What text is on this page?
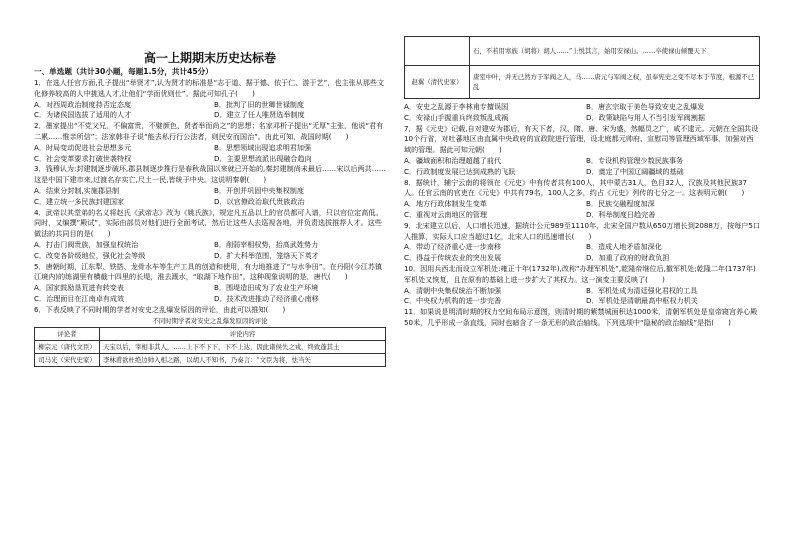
高一上期期末历史达标卷
一、单选题（共计30小题，每题1.5分，共计45分）

1．在选人任官方面,孔子提出“举贤才”,认为贤才的标准是“志于道、据于德、依于仁、游于艺”，也主张从那些文化修养较高的人中挑选人才,让他们“学而优则仕”。据此可知孔子(　　)

A．对西周政治制度持否定态度	B．批判了旧的世卿世禄制度
C．为诸侯国选拔了适用的人才	D．建立了任人唯贤选举制度

2．墨家提出“不党父兄，不偏富贵，不嬖颜色，贤者举而尚之”的思想；名家邓析子提出“无厚”主张，他说“君有二累……惟亲所信”；法家韩非子说“能去私行行公法者，则民安而国治”。由此可知，战国时期(　　)

A．时局变动促进社会思想多元	B．思想领域出现追求明君加强
C．社会变革要求打破世袭特权	D．主要思想流派出现融合趋向

3．钱穆认为:封建制逐步破坏,郡县制逐步推行是春秋战国以来就已开始的,秦封建制尚未最后……宋以后两共……这是中国下建市来,过渡名存实亡,尺土一民,皆统于中央。这说明秦朝(　　)

A．结束分封制,实施郡县制	B．开创并巩固中央集权制度
C．建立统一多民族封建国家	D．以官僚政治取代贵族政治

4．武帝以其堂弟的名义将赵氏《武帝志》改为《姚氏族》，规定凡五品以上的官员都可入谱，只以官位定高低。同时，又编撰“殿试”，实际由部员对他们进行全面考试，然后让这些人去巡视各地，并负责选拔推荐人才。这些做法的共同目的是(　　)

A．打击门阀贵族，加强皇权统治	B．削弱宰相权势，抬高武姓势力
C．改变各阶级地位，强化社会等级	D．扩大科举范围，笼络天下英才

5．唐朝时期，江东犁、铁搭、龙骨水车等生产工具的创造和使用，有力地推进了“与水争田”。在丹阳(今江苏镇江境内)的练湖里有横截十四里的长堤，淮去溉水，“取湖下地作田”。这种现象说明的是，唐代(　　)

A．国家鼓励垦荒进有转变表	B．围堤造田成为了农业生产环境
C．治理面目在江南卓有成效	D．技术改进推动了经济重心南移

6．下表反映了不同时期的学者对安史之乱爆发原因的评论，由此可以推知(　　)

不同时期学者对安史之乱爆发原因的评论
评论者	评论内容
柳宗元（唐代文臣）	天宝以后，宰相非其人，……上下不下下，下不上达，因此诸侯失之戎，终致蓬其土
司马光（宋代史家）	李林甫欲杜绝边帅入相之路，以胡人不知书，乃奏言：“文臣为将，怯当矢
	石，不若用寒族（胡将）胡人……”上悦其言，始用安禄山。……卒使禄山倾覆天下
赵翼（清代史家）	唐室中叶，并无已然方于军阀之人，马……唐元与军阀之权，虽奉宪史之变不尽本于节度，根源不已乱
A．安史之乱源于李林甫专擅误国	B．唐玄宗取于美色导致安史之乱爆发
C．安禄山手握重兵终致叛乱成祸	D．政策缺陷与用人不当引发军阀割据

7．据《元史》记载,自对建安为郡后，有天下者，汉、隋、唐、宋为盛，然幅员之广，咸不逮元。元朝在全国共设10个行省，对吐蕃地区由直属中央政府的宣政院进行管理，设北庭都元帅府、宣慰司等管理西域军事，加强对西域的管理。据此可知元朝(　　)

A．疆域面积和治理超越了前代	B．专设机构管理少数民族事务
C．行政制度发展已达到成熟的飞跃	D．奠定了中国辽阔疆域的基础

8．据统计，辅宁云南的将领在《元史》中有传者共有100人，其中蒙古31人，色目32人，汉族及其他民族37人。任官云南的官吏在《元史》中共有79名，100人之多，约占《元史》列传的七分之一。这表明元朝(　　)

A．地方行政体制发生变革	B．民族交融程度加深
C．重视对云南地区的管理	D．科举制度日趋完善

9．北宋建立以后，人口增长迅速，据统计公元989至1110年，北宋全国户数从650万增长到2088万，按每户5口人推算，实际人口应当超过1亿，北宋人口的迅速增长(　　)

A．带动了经济重心进一步南移	B．造成人地矛盾加深化
C．得益于传统农业的突出发展	D．加重了政府的财政负担

10．因用兵西北而设立军机处:雍正十年(1732年),改称“办理军机处”,乾隆帝继位后,撤军机处;乾隆二年(1737年)军机处又恢复，且在原有的基础上进一步扩大了其权力。这一演变主要反映了(　　)

A．清朝中央集权统治不断加强	B．军机处成为清廷强化君权的工具
C．中央权力机构的进一步完善	D．军机处是清朝最高中枢权力机关

11．如果说是明清时期的权力空间布局示意图，则清时期的紫禁城面积达1000米，清朝军机处是皇帝寝宫养心殿50米，几乎形成一条直线，同时也暗含了一条无形的政治轴线。下列选项中“隐秘的政治轴线”是指(　　)
